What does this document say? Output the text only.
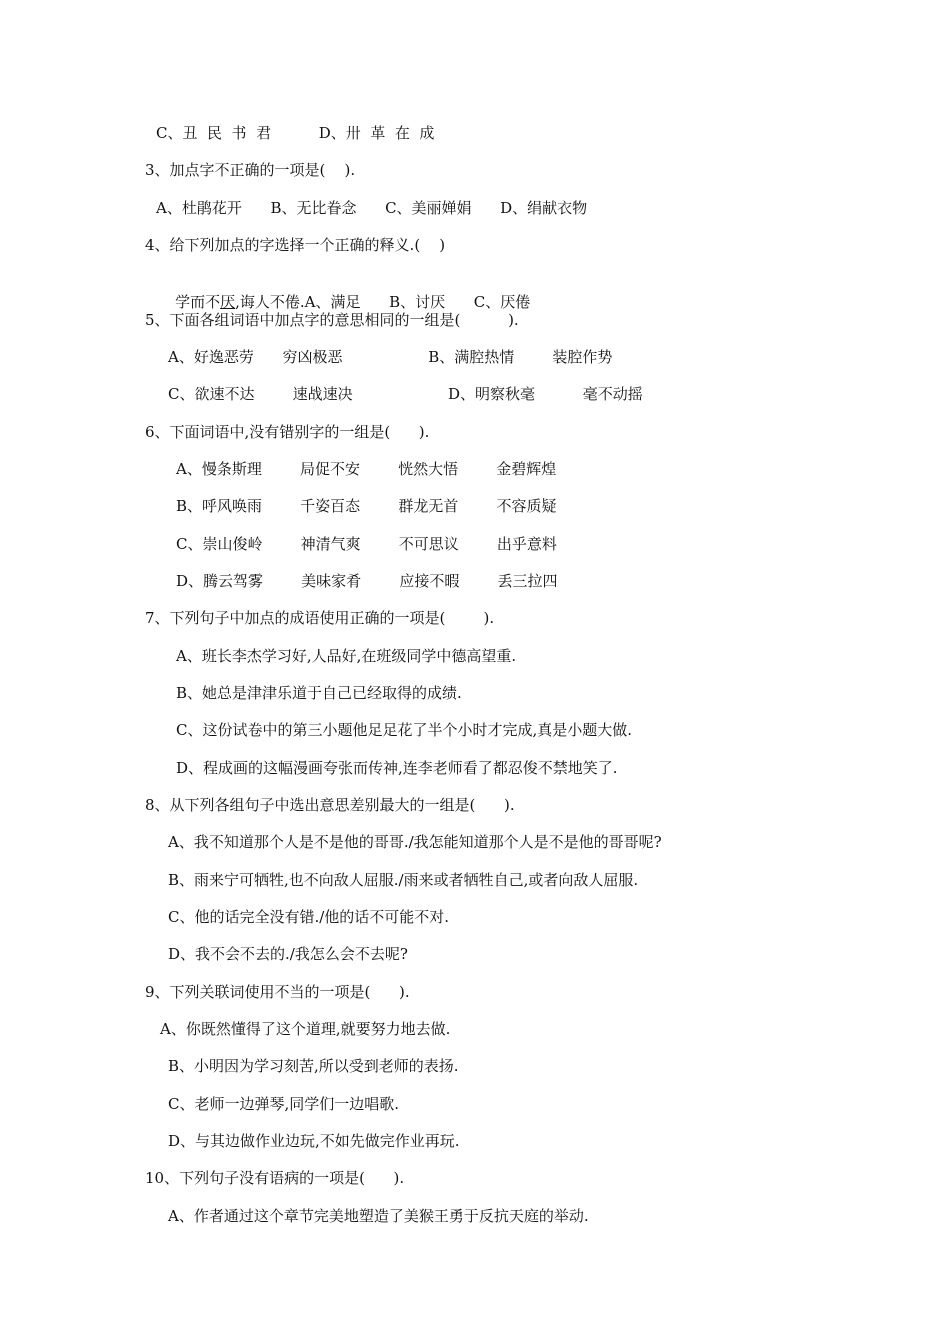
C、丑  民  书  君          D、卅  革  在  成
3、加点字不正确的一项是(    ).
A、杜鹃花开      B、无比眷念      C、美丽婵娟      D、绢献衣物
4、给下列加点的字选择一个正确的释义.(    )

学而不厌,诲人不倦.A、满足      B、讨厌      C、厌倦

5、下面各组词语中加点字的意思相同的一组是(          ).
A、好逸恶劳      穷凶极恶                  B、满腔热情        装腔作势
C、欲速不达        速战速决                    D、明察秋毫          毫不动摇
6、下面词语中,没有错别字的一组是(      ).
A、慢条斯理        局促不安        恍然大悟        金碧辉煌
B、呼风唤雨        千姿百态        群龙无首        不容质疑
C、崇山俊岭        神清气爽        不可思议        出乎意料
D、腾云驾雾        美味家肴        应接不暇        丢三拉四
7、下列句子中加点的成语使用正确的一项是(        ).
A、班长李杰学习好,人品好,在班级同学中德高望重.
B、她总是津津乐道于自己已经取得的成绩.
C、这份试卷中的第三小题他足足花了半个小时才完成,真是小题大做.
D、程成画的这幅漫画夸张而传神,连李老师看了都忍俊不禁地笑了.
8、从下列各组句子中选出意思差别最大的一组是(      ).
A、我不知道那个人是不是他的哥哥./我怎能知道那个人是不是他的哥哥呢?
B、雨来宁可牺牲,也不向敌人屈服./雨来或者牺牲自己,或者向敌人屈服.
C、他的话完全没有错./他的话不可能不对.
D、我不会不去的./我怎么会不去呢?
9、下列关联词使用不当的一项是(      ).
A、你既然懂得了这个道理,就要努力地去做.
B、小明因为学习刻苦,所以受到老师的表扬.
C、老师一边弹琴,同学们一边唱歌.
D、与其边做作业边玩,不如先做完作业再玩.
10、下列句子没有语病的一项是(      ).
A、作者通过这个章节完美地塑造了美猴王勇于反抗天庭的举动.
